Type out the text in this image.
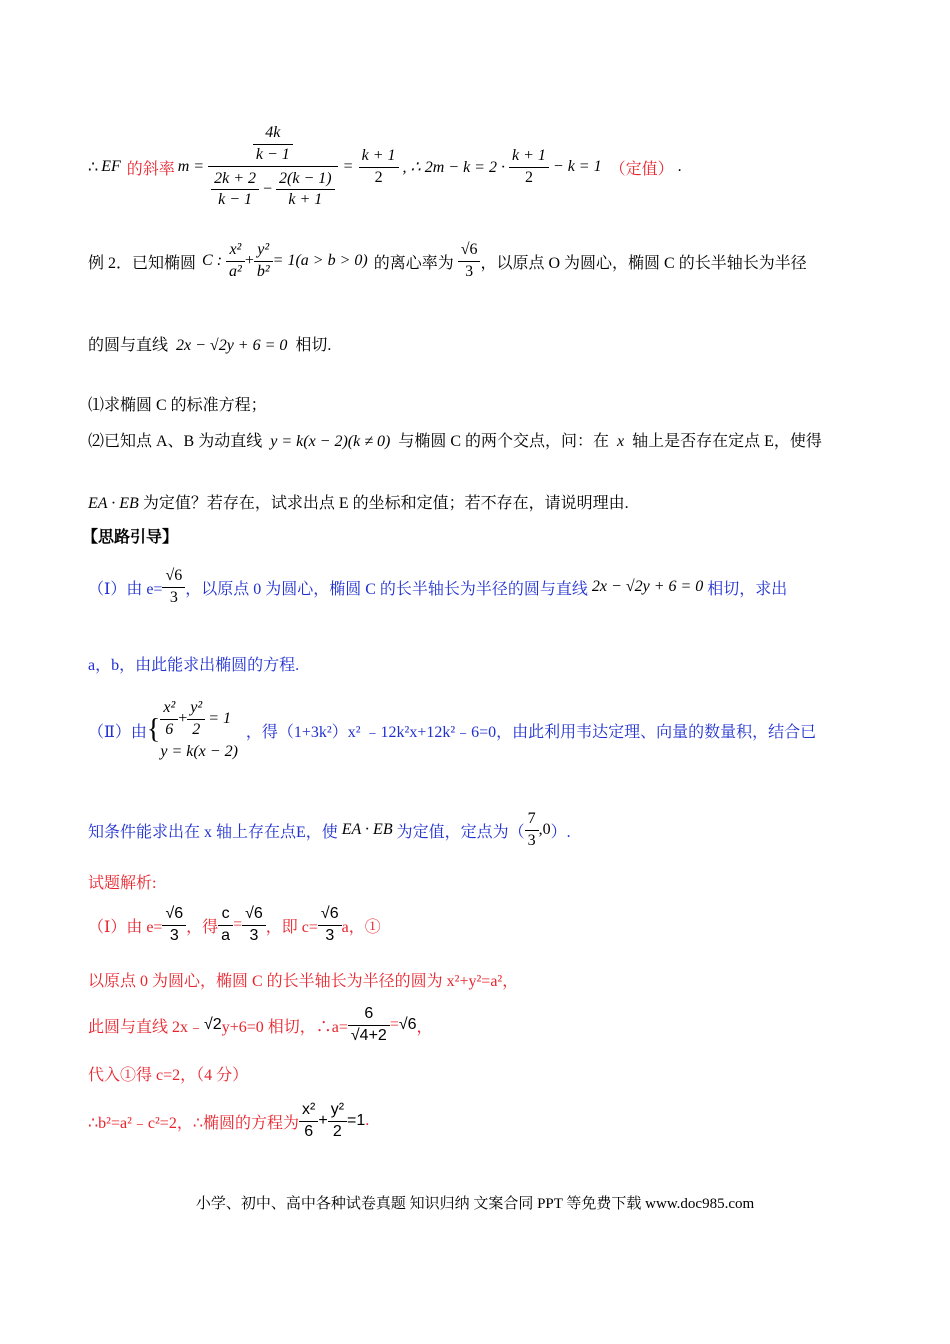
∴ EF 的斜率 m =
$\frac{4k}{k - 1}$
$\frac{2k + 2}{k - 1} - \frac{2(k - 1)}{k + 1}$
= $\frac{k + 1}{2}$ , ∴ $2m - k = 2 \cdot \frac{k + 1}{2} - k = 1$ （定值） .
例 2．已知椭圆 C : $\frac{\text{x²}}{\text{a²}} + \frac{\text{y²}}{\text{b²}} = 1(a > b > 0)$ 的离心率为 $\frac{√6}{3}$ ，以原点 O 为圆心，椭圆 C 的长半轴长为半径
的圆与直线 2x − √2y + 6 = 0 相切.
⑴求椭圆 C 的标准方程；
⑵已知点 A、B 为动直线 y = k(x − 2)(k ≠ 0) 与椭圆 C 的两个交点，问：在 x 轴上是否存在定点 E，使得
EA · EB 为定值？若存在，试求出点 E 的坐标和定值；若不存在，请说明理由.
【思路引导】
（Ⅰ）由 $e= \frac{√6}{3}$ ，以原点 0 为圆心，椭圆 C 的长半轴长为半径的圆与直线 2x − √2y + 6 = 0 相切，求出
a，b，由此能求出椭圆的方程.
（Ⅱ）由 { $\frac{\text{x²}}{6} + \frac{\text{y²}}{2} = 1$
y = k(x − 2)
，得（1+3k²）x² ﹣12k²x+12k²﹣6=0，由此利用韦达定理、向量的数量积，结合已
知条件能求出在 x 轴上存在点E，使 EA · EB 为定值，定点为（ $\frac{7}{3} ,0$ ）.
试题解析:
（Ⅰ）由 $e= \frac{√6}{3}$ ，得 $\frac{c}{a} = \frac{√6}{3}$ ，即 $c= \frac{√6}{3}$ a，①
以原点 0 为圆心，椭圆 C 的长半轴长为半径的圆为 x²+y²=a²，
此圆与直线 2x﹣ √2 y+6=0 相切，∴a= $\frac{6}{√4+2} = √6$ ，
代入①得 c=2，（4 分）
∴b²=a²﹣c²=2，∴椭圆的方程为 $\frac{\text{x²}}{6} + \frac{\text{y²}}{2} =1$ .
小学、初中、高中各种试卷真题 知识归纳 文案合同 PPT 等免费下载 www.doc985.com
